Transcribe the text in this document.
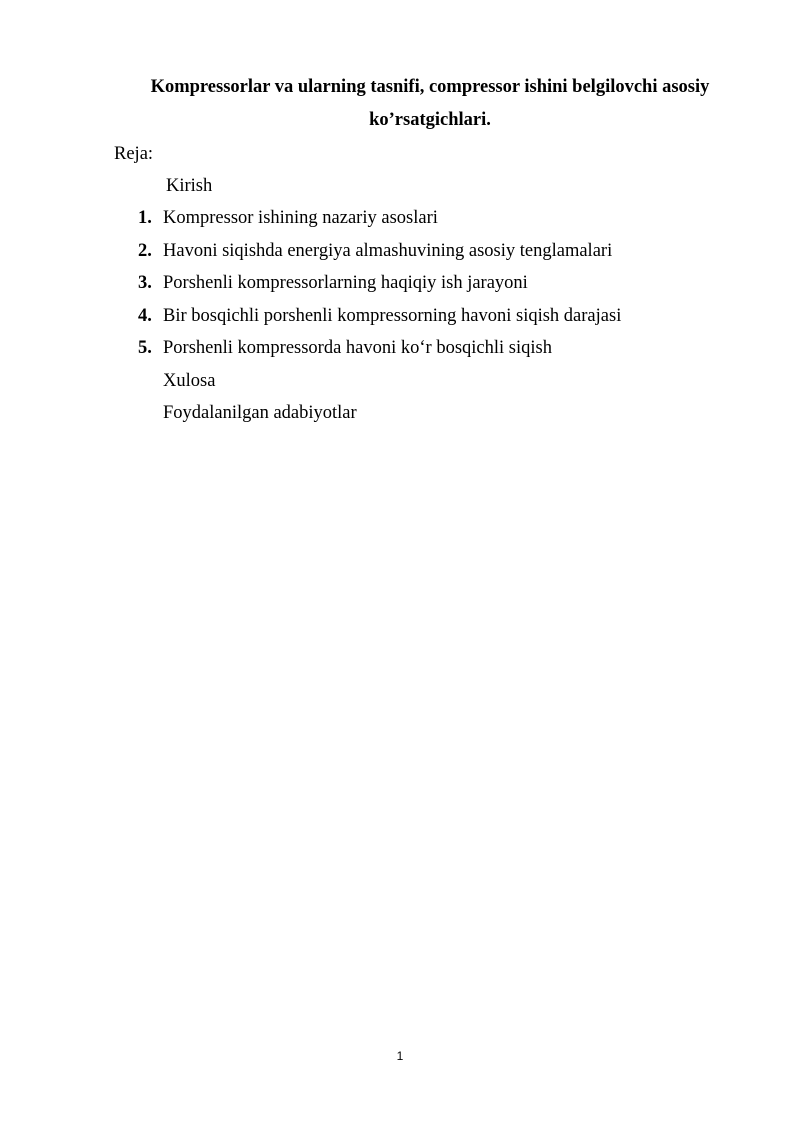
Kompressorlar va ularning tasnifi, compressor ishini belgilovchi asosiy
ko’rsatgichlari.
Reja:
Kirish
1. Kompressor ishining nazariy asoslari
2. Havoni siqishda energiya almashuvining asosiy tenglamalari
3. Porshenli kompressorlarning haqiqiy ish jarayoni
4. Bir bosqichli porshenli kompressorning havoni siqish darajasi
5. Porshenli kompressorda havoni ko‘r bosqichli siqish
Xulosa
Foydalanilgan adabiyotlar
1
